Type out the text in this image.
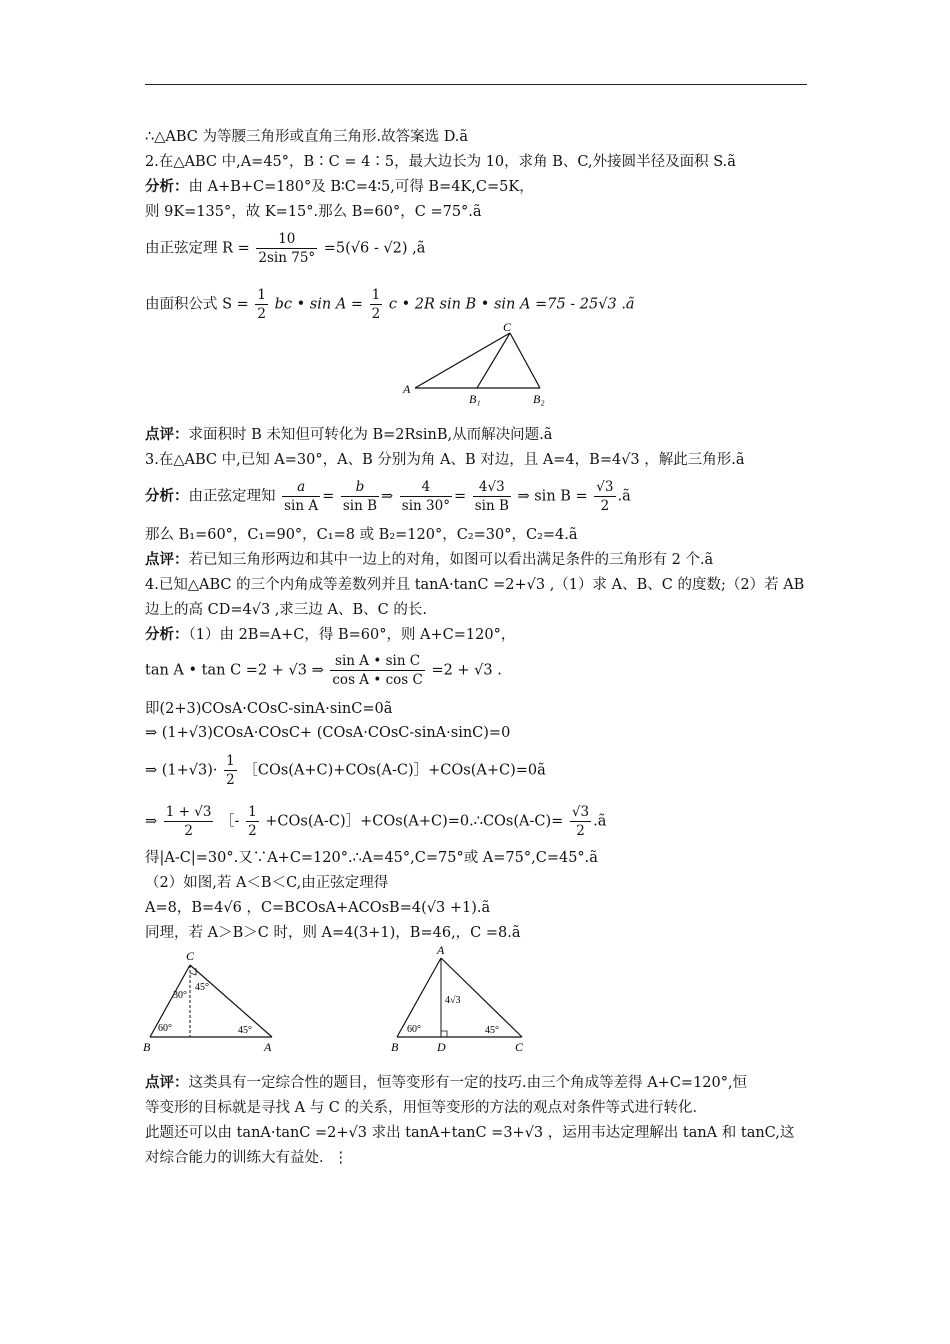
∴△ABC 为等腰三角形或直角三角形.故答案选 D.ã
2.在△ABC 中,A=45°，B∶C = 4∶5，最大边长为 10，求角 B、C,外接圆半径及面积 S.ã
分析：由 A+B+C=180°及 B∶C=4∶5,可得 B=4K,C=5K，
则 9K=135°，故 K=15°.那么 B=60°，C =75°.ã
由正弦定理 $R = \frac{10}{2\sin 75^\circ} =5(√6 - √2)$ ,ã
由面积公式 $S = \frac{1}{2}$ bc • $\sin A = \frac{1}{2}$ c • 2R sin B • sin A =75 - 25√3 .ã
A
C
B₁	B₂
点评：求面积时 B 未知但可转化为 B=2RsinB,从而解决问题.ã
3.在△ABC 中,已知 A=30°，A、B 分别为角 A、B 对边，且 A=4，B=4√3 ，解此三角形.ã
分析：由正弦定理知 $\frac{a}{\text{sin A}} = \frac{b}{\text{sin B}}$ ⇒ $\frac{4}{\sin 30^\circ} = \frac{4√3}{\text{sin B}}$ ⇒ $\sin B = \frac{√3}{2}$ .ã
那么 B₁=60°，C₁=90°，C₁=8 或 B₂=120°，C₂=30°，C₂=4.ã
点评：若已知三角形两边和其中一边上的对角，如图可以看出满足条件的三角形有 2 个.ã
4.已知△ABC 的三个内角成等差数列并且 tanA·tanC =2+√3 ,（1）求 A、B、C 的度数;（2）若 AB
边上的高 CD=4√3 ,求三边 A、B、C 的长.
分析：（1）由 2B=A+C，得 B=60°，则 A+C=120°，
tan A • tan C =2 + √3 ⇒ $\frac{\text{sin A • sin C}}{\text{cos A • cos C}} =2 + √3$ .
即(2+3)COsA·COsC-sinA·sinC=0ã
⇒ (1+√3)COsA·COsC+ (COsA·COsC-sinA·sinC)=0
⇒ $(1+√3)\cdot \frac{1}{2}$ ［COs(A+C)+COs(A-C)］+COs(A+C)=0ã
⇒ $\frac{1 + √3}{2}$ ［- $\frac{1}{2}$ +COs(A-C)］+COs(A+C)=0.∴COs(A-C)= $\frac{√3}{2}$ .ã
得|A-C|=30°.又∵A+C=120°.∴A=45°,C=75°或 A=75°,C=45°.ã
（2）如图,若 A＜B＜C,由正弦定理得
A=8，B=4√6 ，C=BCOsA+ACOsB=4(√3 +1).ã
同理，若 A＞B＞C 时，则 A=4(3+1)，B=46,，C =8.ã
C
B	A
30°
45°
60°	45°
A
B	D	C
4√3
60°	45°
点评：这类具有一定综合性的题目，恒等变形有一定的技巧.由三个角成等差得 A+C=120°,恒
等变形的目标就是寻找 A 与 C 的关系，用恒等变形的方法的观点对条件等式进行转化．
此题还可以由 tanA·tanC =2+√3 求出 tanA+tanC =3+√3 ，运用韦达定理解出 tanA 和 tanC,这
对综合能力的训练大有益处．⋮
